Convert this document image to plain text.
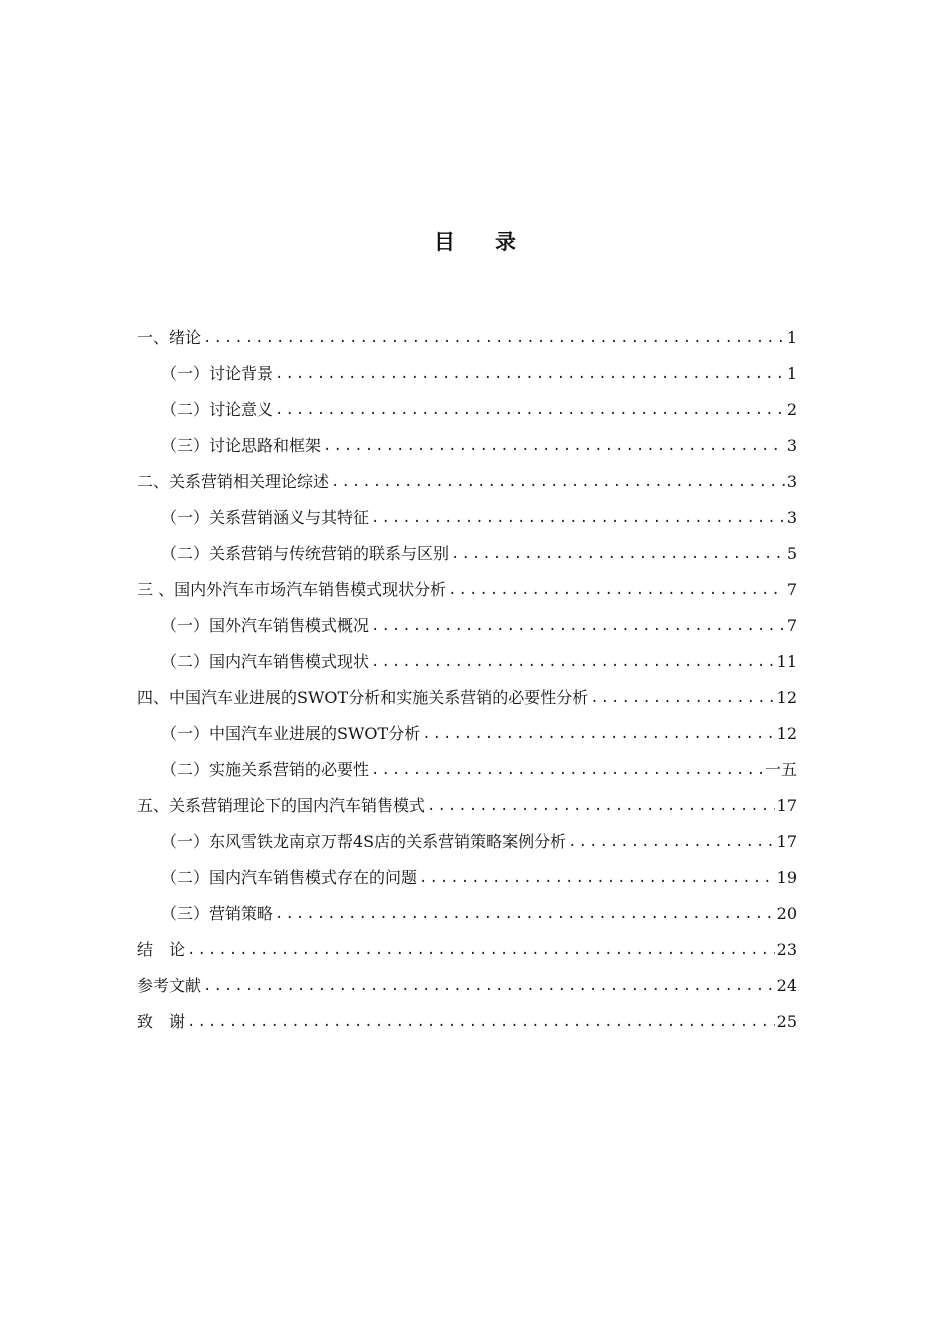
目录
一、绪论 .....	1
（一）讨论背景 .....	1
（二）讨论意义 .....	2
（三）讨论思路和框架 .....	3
二、关系营销相关理论综述 .....	3
（一）关系营销涵义与其特征 .....	3
（二）关系营销与传统营销的联系与区别 .....	5
三 、国内外汽车市场汽车销售模式现状分析 .....	7
（一）国外汽车销售模式概况 .....	7
（二）国内汽车销售模式现状 .....	11
四、中国汽车业进展的SWOT分析和实施关系营销的必要性分析 .....	12
（一）中国汽车业进展的SWOT分析 .....	12
（二）实施关系营销的必要性 .....	一五
五、关系营销理论下的国内汽车销售模式 .....	17
（一）东风雪铁龙南京万帮4S店的关系营销策略案例分析 .....	17
（二）国内汽车销售模式存在的问题 .....	19
（三）营销策略 .....	20
结　论 .....	23
参考文献 .....	24
致　谢 .....	25
